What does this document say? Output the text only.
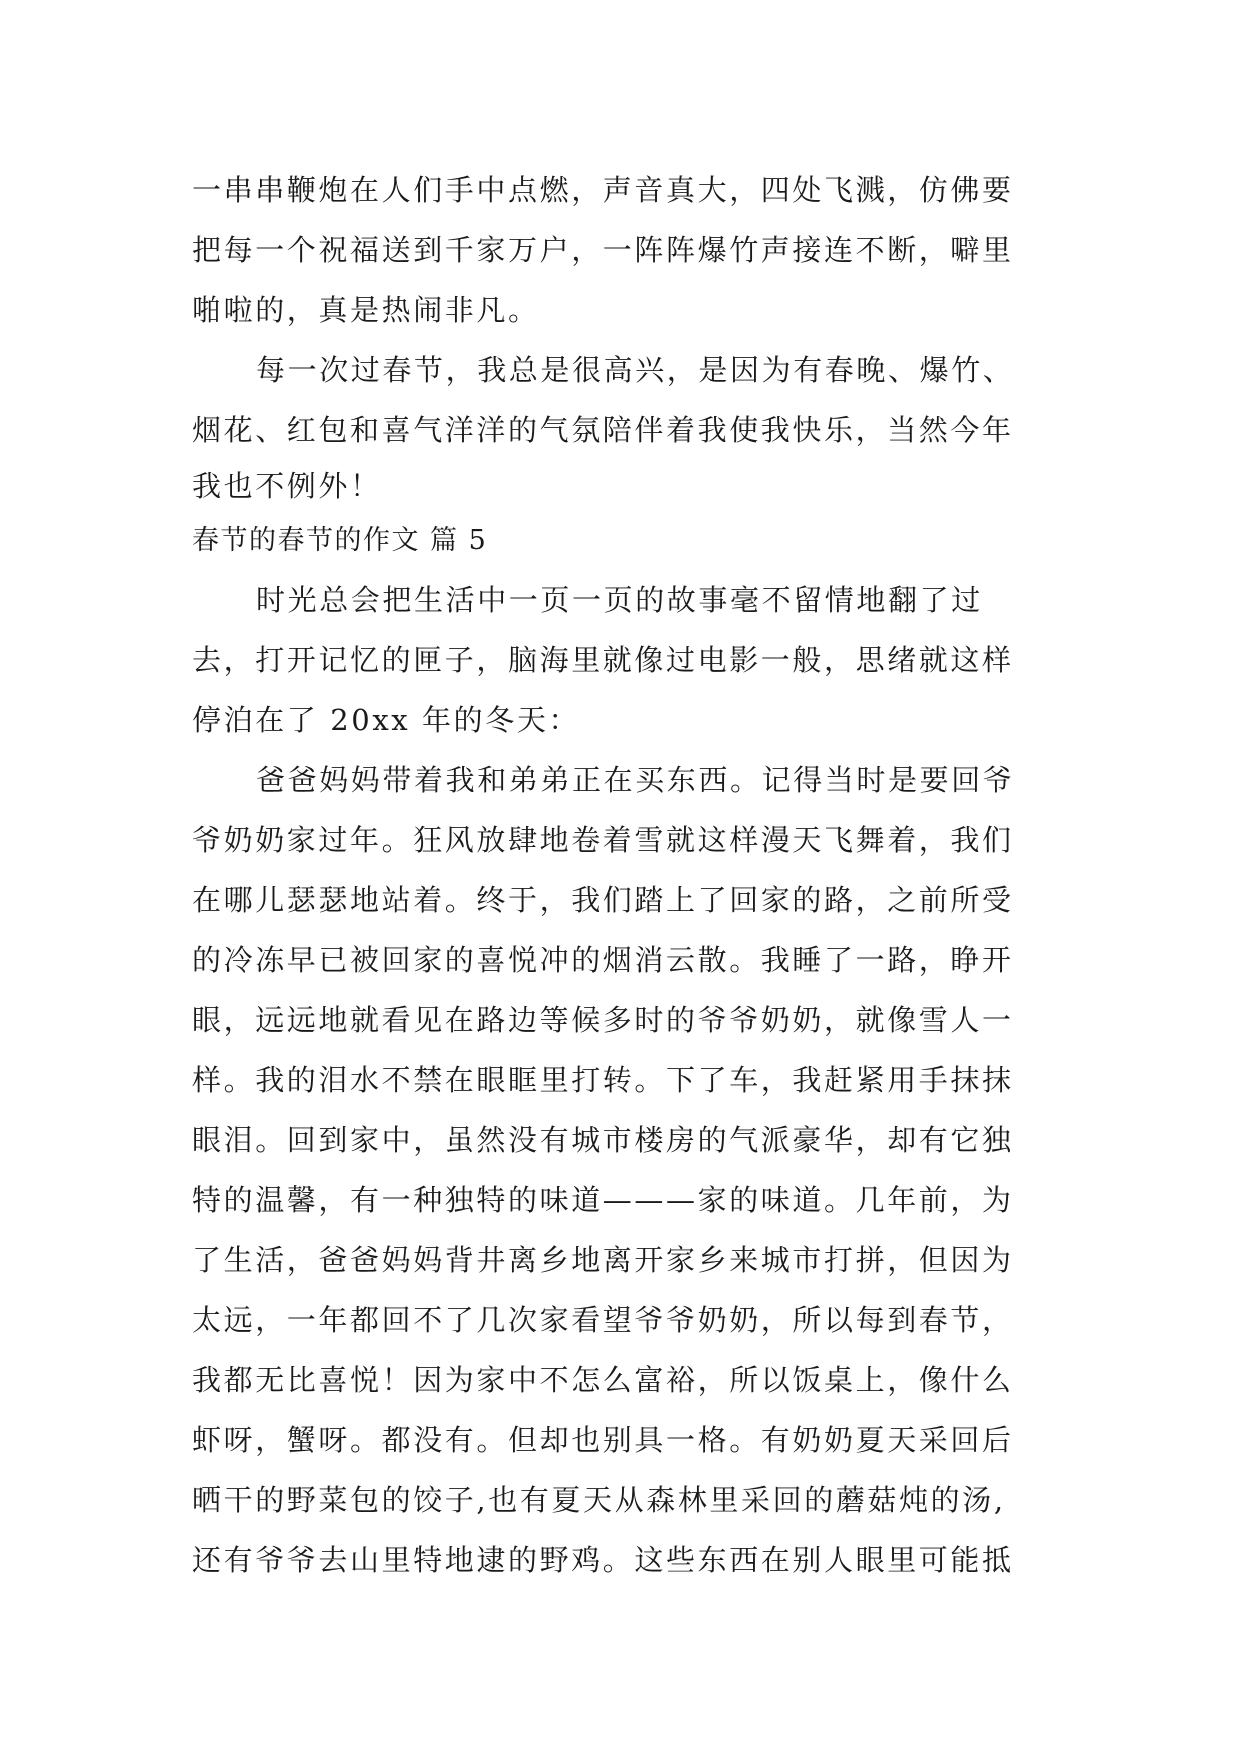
一串串鞭炮在人们手中点燃，声音真大，四处飞溅，仿佛要
把每一个祝福送到千家万户，一阵阵爆竹声接连不断，噼里
啪啦的，真是热闹非凡。
每一次过春节，我总是很高兴，是因为有春晚、爆竹、
烟花、红包和喜气洋洋的气氛陪伴着我使我快乐，当然今年
我也不例外！
春节的春节的作文 篇 5
时光总会把生活中一页一页的故事毫不留情地翻了过
去，打开记忆的匣子，脑海里就像过电影一般，思绪就这样
停泊在了 20xx 年的冬天：
爸爸妈妈带着我和弟弟正在买东西。记得当时是要回爷
爷奶奶家过年。狂风放肆地卷着雪就这样漫天飞舞着，我们
在哪儿瑟瑟地站着。终于，我们踏上了回家的路，之前所受
的冷冻早已被回家的喜悦冲的烟消云散。我睡了一路，睁开
眼，远远地就看见在路边等候多时的爷爷奶奶，就像雪人一
样。我的泪水不禁在眼眶里打转。下了车，我赶紧用手抹抹
眼泪。回到家中，虽然没有城市楼房的气派豪华，却有它独
特的温馨，有一种独特的味道———家的味道。几年前，为
了生活，爸爸妈妈背井离乡地离开家乡来城市打拼，但因为
太远，一年都回不了几次家看望爷爷奶奶，所以每到春节，
我都无比喜悦！因为家中不怎么富裕，所以饭桌上，像什么
虾呀，蟹呀。都没有。但却也别具一格。有奶奶夏天采回后
晒干的野菜包的饺子,也有夏天从森林里采回的蘑菇炖的汤,
还有爷爷去山里特地逮的野鸡。这些东西在别人眼里可能抵
